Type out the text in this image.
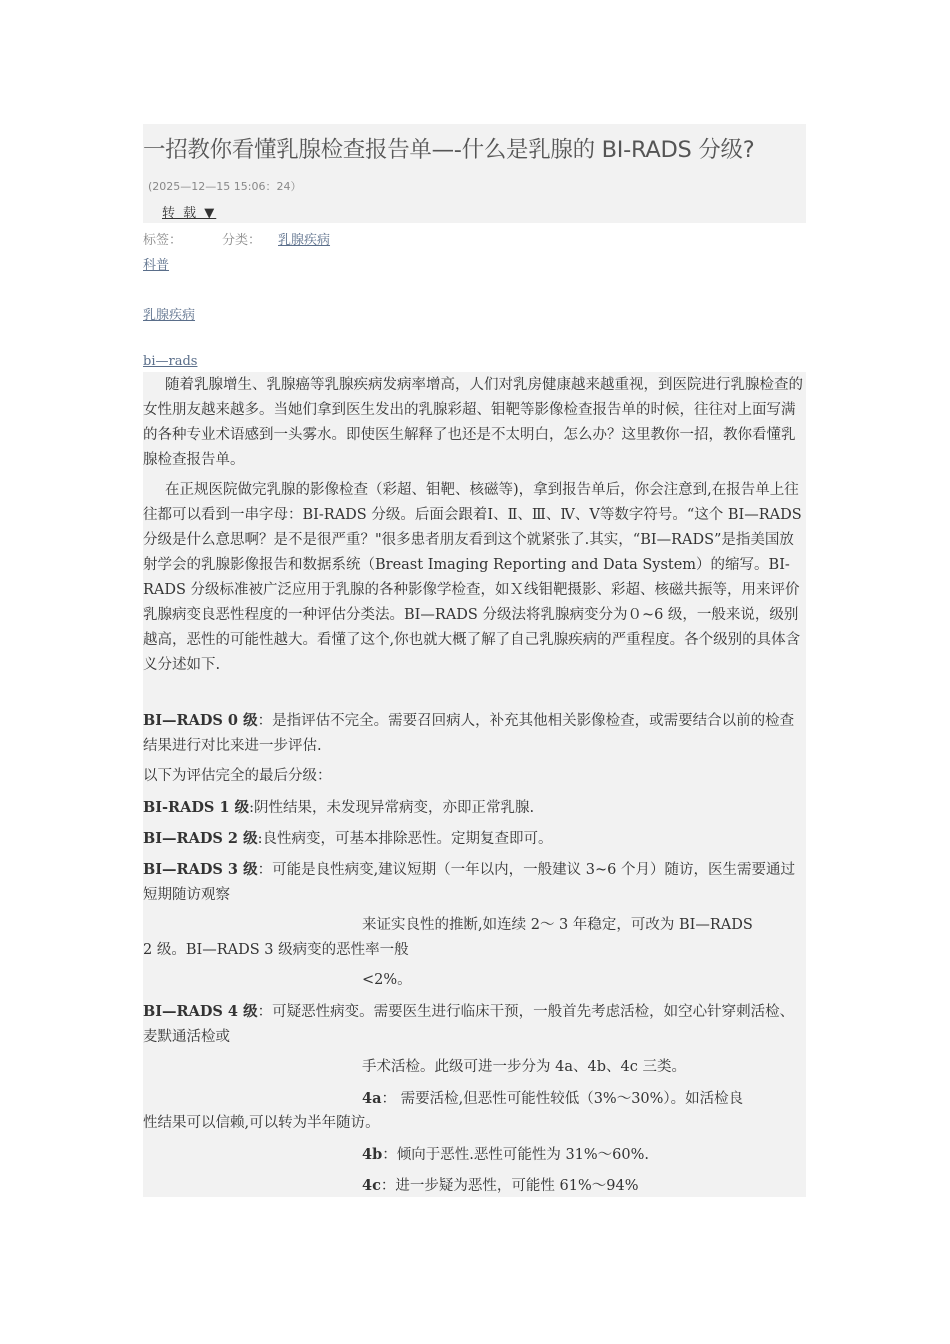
一招教你看懂乳腺检查报告单—-什么是乳腺的 BI-RADS 分级?
(2025—12—15 15:06：24）
转 载 ▼
标签：	分类： 乳腺疾病
科普
乳腺疾病
bi—rads

随着乳腺增生、乳腺癌等乳腺疾病发病率增高，人们对乳房健康越来越重视，到医院进行乳腺检查的女性朋友越来越多。当她们拿到医生发出的乳腺彩超、钼靶等影像检查报告单的时候，往往对上面写满的各种专业术语感到一头雾水。即使医生解释了也还是不太明白，怎么办？这里教你一招，教你看懂乳腺检查报告单。

在正规医院做完乳腺的影像检查（彩超、钼靶、核磁等)，拿到报告单后，你会注意到,在报告单上往往都可以看到一串字母：BI-RADS 分级。后面会跟着Ⅰ、Ⅱ、Ⅲ、Ⅳ、Ⅴ等数字符号。“这个 BI—RADS 分级是什么意思啊？是不是很严重？"很多患者朋友看到这个就紧张了.其实，“BI—RADS”是指美国放射学会的乳腺影像报告和数据系统（Breast Imaging Reporting and Data System）的缩写。BI-RADS 分级标准被广泛应用于乳腺的各种影像学检查，如Ｘ线钼靶摄影、彩超、核磁共振等，用来评价乳腺病变良恶性程度的一种评估分类法。BI—RADS 分级法将乳腺病变分为０~6 级，一般来说，级别越高，恶性的可能性越大。看懂了这个,你也就大概了解了自己乳腺疾病的严重程度。各个级别的具体含义分述如下.

BI—RADS 0 级：是指评估不完全。需要召回病人，补充其他相关影像检查，或需要结合以前的检查结果进行对比来进一步评估.

以下为评估完全的最后分级：

BI-RADS 1 级:阴性结果，未发现异常病变，亦即正常乳腺.

BI—RADS 2 级:良性病变，可基本排除恶性。定期复查即可。

BI—RADS 3 级：可能是良性病变,建议短期（一年以内，一般建议 3~6 个月）随访，医生需要通过短期随访观察

来证实良性的推断,如连续 2～ 3 年稳定，可改为 BI—RADS
2 级。BI—RADS 3 级病变的恶性率一般
<2%。

BI—RADS 4 级：可疑恶性病变。需要医生进行临床干预，一般首先考虑活检，如空心针穿刺活检、麦默通活检或

手术活检。此级可进一步分为 4a、4b、4c 三类。
4a： 需要活检,但恶性可能性较低（3%～30%）。如活检良
性结果可以信赖,可以转为半年随访。
4b：倾向于恶性.恶性可能性为 31%～60%.
4c：进一步疑为恶性，可能性 61%～94%
